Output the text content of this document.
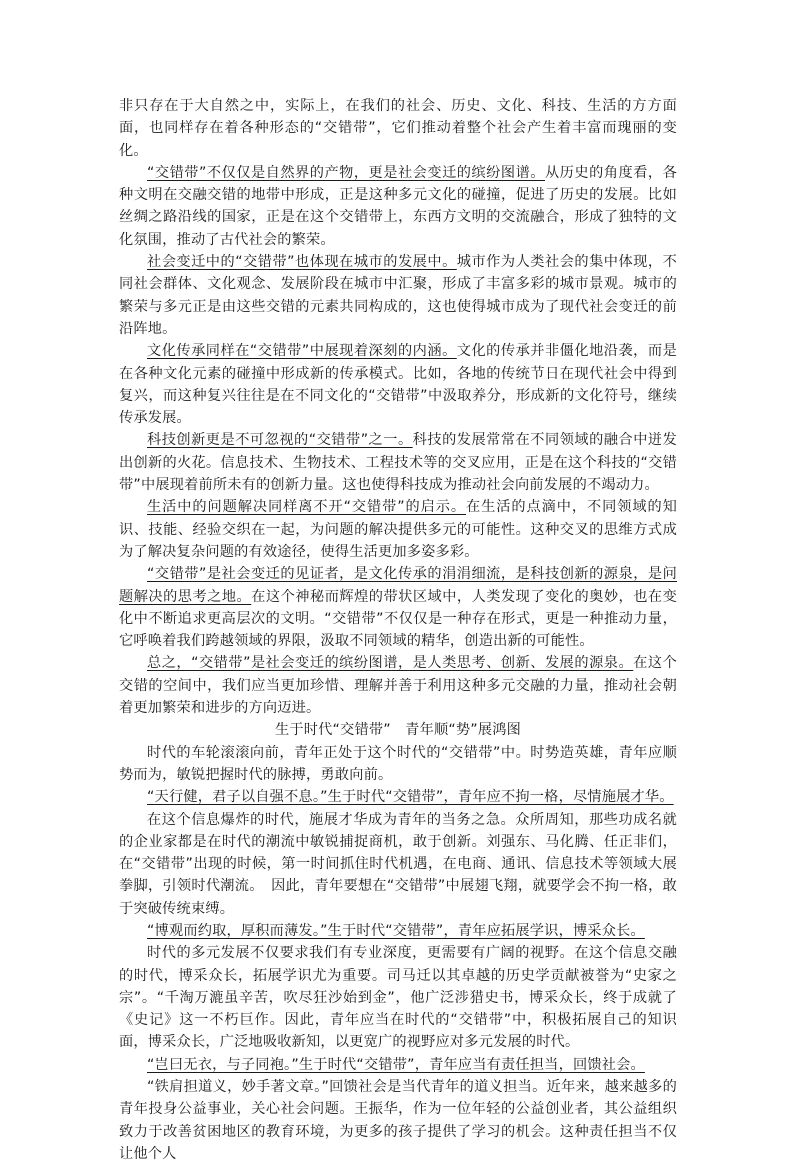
非只存在于大自然之中，实际上，在我们的社会、历史、文化、科技、生活的方方面面，也同样存在着各种形态的“交错带”，它们推动着整个社会产生着丰富而瑰丽的变化。

“交错带”不仅仅是自然界的产物，更是社会变迁的缤纷图谱。从历史的角度看，各种文明在交融交错的地带中形成，正是这种多元文化的碰撞，促进了历史的发展。比如丝绸之路沿线的国家，正是在这个交错带上，东西方文明的交流融合，形成了独特的文化氛围，推动了古代社会的繁荣。

社会变迁中的“交错带”也体现在城市的发展中。城市作为人类社会的集中体现，不同社会群体、文化观念、发展阶段在城市中汇聚，形成了丰富多彩的城市景观。城市的繁荣与多元正是由这些交错的元素共同构成的，这也使得城市成为了现代社会变迁的前沿阵地。

文化传承同样在“交错带”中展现着深刻的内涵。文化的传承并非僵化地沿袭，而是在各种文化元素的碰撞中形成新的传承模式。比如，各地的传统节日在现代社会中得到复兴，而这种复兴往往是在不同文化的“交错带”中汲取养分，形成新的文化符号，继续传承发展。

科技创新更是不可忽视的“交错带”之一。科技的发展常常在不同领域的融合中迸发出创新的火花。信息技术、生物技术、工程技术等的交叉应用，正是在这个科技的“交错带”中展现着前所未有的创新力量。这也使得科技成为推动社会向前发展的不竭动力。

生活中的问题解决同样离不开“交错带”的启示。在生活的点滴中，不同领域的知识、技能、经验交织在一起，为问题的解决提供多元的可能性。这种交叉的思维方式成为了解决复杂问题的有效途径，使得生活更加多姿多彩。

“交错带”是社会变迁的见证者，是文化传承的涓涓细流，是科技创新的源泉，是问题解决的思考之地。在这个神秘而辉煌的带状区域中，人类发现了变化的奥妙，也在变化中不断追求更高层次的文明。“交错带”不仅仅是一种存在形式，更是一种推动力量，它呼唤着我们跨越领域的界限，汲取不同领域的精华，创造出新的可能性。

总之，“交错带”是社会变迁的缤纷图谱，是人类思考、创新、发展的源泉。在这个交错的空间中，我们应当更加珍惜、理解并善于利用这种多元交融的力量，推动社会朝着更加繁荣和进步的方向迈进。

生于时代“交错带”　青年顺“势”展鸿图

时代的车轮滚滚向前，青年正处于这个时代的“交错带”中。时势造英雄，青年应顺势而为，敏锐把握时代的脉搏，勇敢向前。

“天行健，君子以自强不息。”生于时代“交错带”，青年应不拘一格，尽情施展才华。

在这个信息爆炸的时代，施展才华成为青年的当务之急。众所周知，那些功成名就的企业家都是在时代的潮流中敏锐捕捉商机，敢于创新。刘强东、马化腾、任正非们，在“交错带”出现的时候，第一时间抓住时代机遇，在电商、通讯、信息技术等领域大展拳脚，引领时代潮流。　因此，青年要想在“交错带”中展翅飞翔，就要学会不拘一格，敢于突破传统束缚。

“博观而约取，厚积而薄发。”生于时代“交错带”，青年应拓展学识，博采众长。

时代的多元发展不仅要求我们有专业深度，更需要有广阔的视野。在这个信息交融的时代，博采众长，拓展学识尤为重要。司马迁以其卓越的历史学贡献被誉为“史家之宗”。“千淘万漉虽辛苦，吹尽狂沙始到金”，他广泛涉猎史书，博采众长，终于成就了《史记》这一不朽巨作。因此，青年应当在时代的“交错带”中，积极拓展自己的知识面，博采众长，广泛地吸收新知，以更宽广的视野应对多元发展的时代。

“岂曰无衣，与子同袍。”生于时代“交错带”，青年应当有责任担当，回馈社会。

“铁肩担道义，妙手著文章。”回馈社会是当代青年的道义担当。近年来，越来越多的青年投身公益事业，关心社会问题。王振华，作为一位年轻的公益创业者，其公益组织致力于改善贫困地区的教育环境，为更多的孩子提供了学习的机会。这种责任担当不仅让他个人
